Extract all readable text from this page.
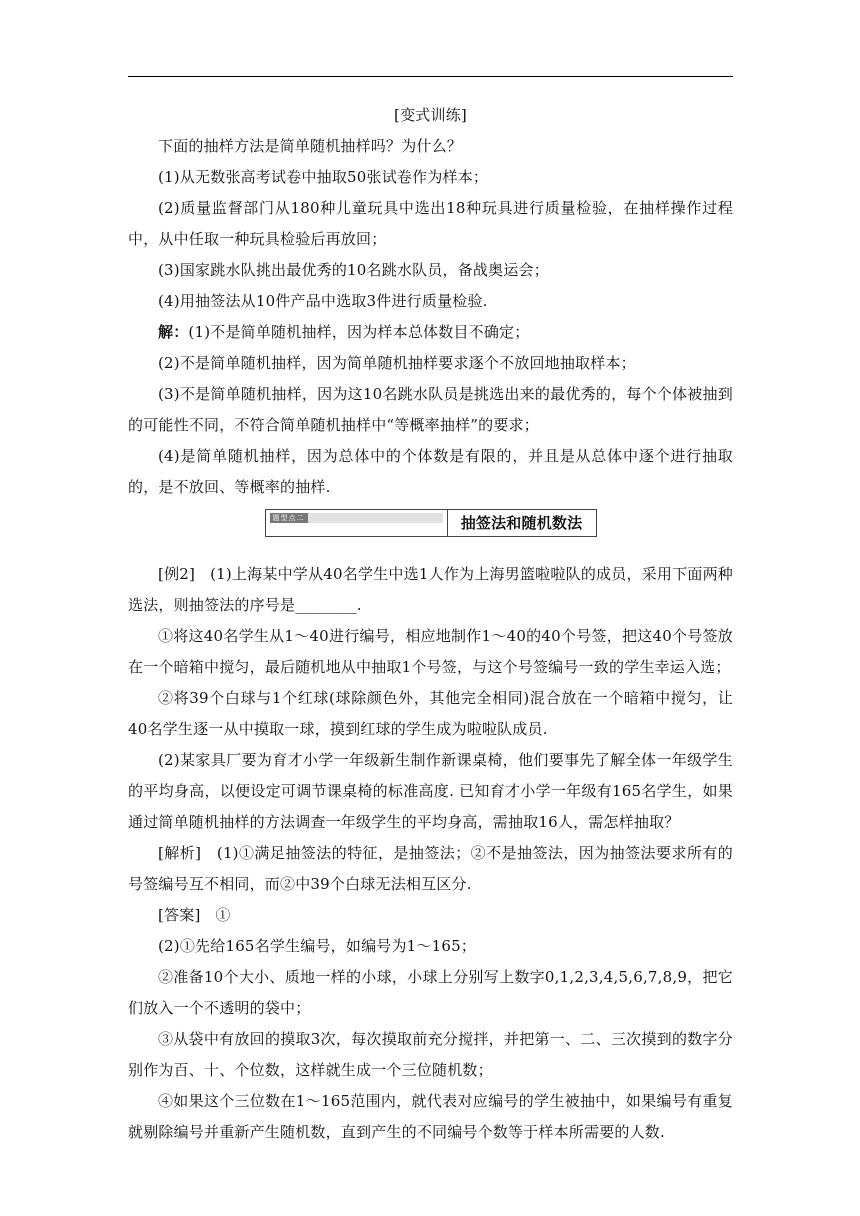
[变式训练]

下面的抽样方法是简单随机抽样吗？为什么？

(1)从无数张高考试卷中抽取50张试卷作为样本；

(2)质量监督部门从180种儿童玩具中选出18种玩具进行质量检验，在抽样操作过程中，从中任取一种玩具检验后再放回；

(3)国家跳水队挑出最优秀的10名跳水队员，备战奥运会；

(4)用抽签法从10件产品中选取3件进行质量检验.

解：(1)不是简单随机抽样，因为样本总体数目不确定；

(2)不是简单随机抽样，因为简单随机抽样要求逐个不放回地抽取样本；

(3)不是简单随机抽样，因为这10名跳水队员是挑选出来的最优秀的，每个个体被抽到的可能性不同，不符合简单随机抽样中“等概率抽样”的要求；

(4)是简单随机抽样，因为总体中的个体数是有限的，并且是从总体中逐个进行抽取的，是不放回、等概率的抽样.

题型点二	抽签法和随机数法

[例2] (1)上海某中学从40名学生中选1人作为上海男篮啦啦队的成员，采用下面两种选法，则抽签法的序号是________.

①将这40名学生从1～40进行编号，相应地制作1～40的40个号签，把这40个号签放在一个暗箱中搅匀，最后随机地从中抽取1个号签，与这个号签编号一致的学生幸运入选；

②将39个白球与1个红球(球除颜色外，其他完全相同)混合放在一个暗箱中搅匀，让40名学生逐一从中摸取一球，摸到红球的学生成为啦啦队成员.

(2)某家具厂要为育才小学一年级新生制作新课桌椅，他们要事先了解全体一年级学生的平均身高，以便设定可调节课桌椅的标准高度. 已知育才小学一年级有165名学生，如果通过简单随机抽样的方法调查一年级学生的平均身高，需抽取16人，需怎样抽取？

[解析] (1)①满足抽签法的特征，是抽签法；②不是抽签法，因为抽签法要求所有的号签编号互不相同，而②中39个白球无法相互区分.

[答案] ①

(2)①先给165名学生编号，如编号为1～165；

②准备10个大小、质地一样的小球，小球上分别写上数字0,1,2,3,4,5,6,7,8,9，把它们放入一个不透明的袋中；

③从袋中有放回的摸取3次，每次摸取前充分搅拌，并把第一、二、三次摸到的数字分别作为百、十、个位数，这样就生成一个三位随机数；

④如果这个三位数在1～165范围内，就代表对应编号的学生被抽中，如果编号有重复就剔除编号并重新产生随机数，直到产生的不同编号个数等于样本所需要的人数.
